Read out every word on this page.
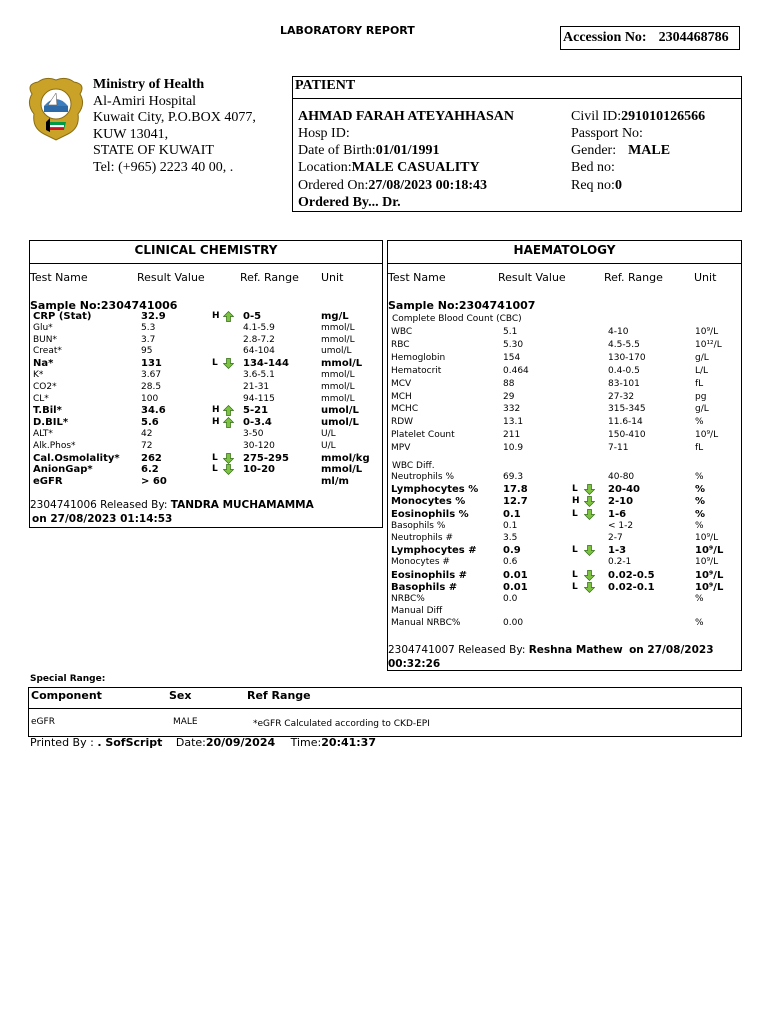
LABORATORY REPORT	Accession No: 2304468786
Ministry of Health
Al-Amiri Hospital
Kuwait City, P.O.BOX 4077,
KUW 13041,
STATE OF KUWAIT
Tel: (+965) 2223 40 00, .
PATIENT
AHMAD FARAH ATEYAHHASAN	Civil ID:291010126566
Hosp ID:	Passport No:
Date of Birth:01/01/1991	Gender: MALE
Location:MALE CASUALITY	Bed no:
Ordered On:27/08/2023 00:18:43	Req no:0
Ordered By... Dr.
CLINICAL CHEMISTRY
Test Name	Result Value	Ref. Range Unit
Sample No:2304741006
CRP (Stat)	32.9	0-5	mg/L
H
Glu*	5.3	4.1-5.9	mmol/L
BUN*	3.7	2.8-7.2	mmol/L
Creat*	95	64-104	umol/L
Na*	131	134-144	mmol/L
L
K*	3.67	3.6-5.1	mmol/L
CO2*	28.5	21-31	mmol/L
CL*	100	94-115	mmol/L
T.Bil*	34.6	5-21	umol/L
H
D.BIL*	5.6	0-3.4	umol/L
H
ALT*	42	3-50	U/L
Alk.Phos*	72	30-120	U/L
Cal.Osmolality* 262	275-295	mmol/kg
L
AnionGap*	6.2	10-20	mmol/L
L
eGFR	> 60	ml/m
2304741006 Released By: TANDRA MUCHAMAMMA
on 27/08/2023 01:14:53
HAEMATOLOGY
Test Name	Result Value	Ref. Range	Unit
Sample No:2304741007
Complete Blood Count (CBC)
WBC	5.1	4-10	10⁹/L
RBC	5.30	4.5-5.5	10¹²/L
Hemoglobin	154	130-170	g/L
Hematocrit	0.464	0.4-0.5	L/L
MCV	88	83-101	fL
MCH	29	27-32	pg
MCHC	332	315-345	g/L
RDW	13.1	11.6-14	%
Platelet Count	211	150-410	10⁹/L
MPV	10.9	7-11	fL
WBC Diff.
Neutrophils %	69.3	40-80	%
Lymphocytes % 17.8	20-40	%
L
Monocytes %	12.7	2-10	%
H
Eosinophils %	0.1	1-6	%
L
Basophils %	0.1	< 1-2	%
Neutrophils #	3.5	2-7	10⁹/L
Lymphocytes #	0.9	1-3	10⁹/L
L
Monocytes #	0.6	0.2-1	10⁹/L
Eosinophils #	0.01	0.02-0.5	10⁹/L
L
Basophils #	0.01	0.02-0.1	10⁹/L
L
NRBC%	0.0	%
Manual Diff
Manual NRBC%	0.00	%
2304741007 Released By: Reshna Mathew on 27/08/2023
00:32:26
Special Range:
Component	Sex	Ref Range
eGFR	MALE	*eGFR Calculated according to CKD-EPI
Printed By : . SofScript Date:20/09/2024 Time:20:41:37
